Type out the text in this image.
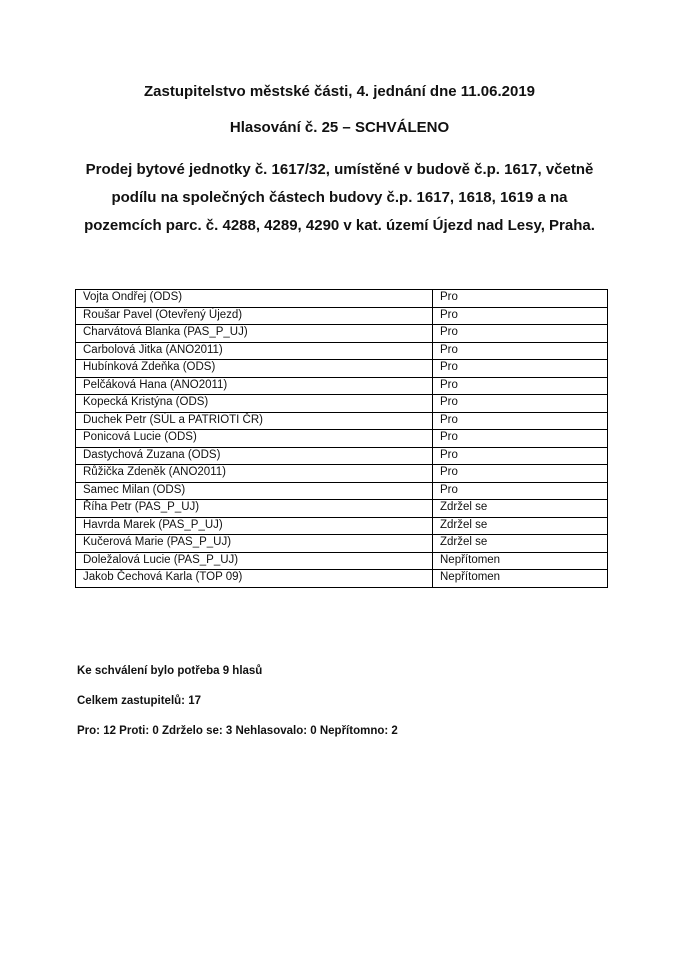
Zastupitelstvo městské části, 4. jednání dne 11.06.2019
Hlasování č. 25 – SCHVÁLENO
Prodej bytové jednotky č. 1617/32, umístěné v budově č.p. 1617, včetně podílu na společných částech budovy č.p. 1617, 1618, 1619 a na pozemcích parc. č. 4288, 4289, 4290 v kat. území Újezd nad Lesy, Praha.
Vojta Ondřej (ODS)	Pro
Roušar Pavel (Otevřený Újezd)	Pro
Charvátová Blanka (PAS_P_UJ)	Pro
Carbolová Jitka (ANO2011)	Pro
Hubínková Zdeňka (ODS)	Pro
Pelčáková Hana (ANO2011)	Pro
Kopecká Kristýna (ODS)	Pro
Duchek Petr (SÚL a PATRIOTI ČR)	Pro
Ponicová Lucie (ODS)	Pro
Dastychová Zuzana (ODS)	Pro
Růžička Zdeněk (ANO2011)	Pro
Samec Milan (ODS)	Pro
Říha Petr (PAS_P_UJ)	Zdržel se
Havrda Marek (PAS_P_UJ)	Zdržel se
Kučerová Marie (PAS_P_UJ)	Zdržel se
Doležalová Lucie (PAS_P_UJ)	Nepřítomen
Jakob Čechová Karla (TOP 09)	Nepřítomen
Ke schválení bylo potřeba 9 hlasů
Celkem zastupitelů: 17
Pro: 12 Proti: 0 Zdrželo se: 3 Nehlasovalo: 0 Nepřítomno: 2
